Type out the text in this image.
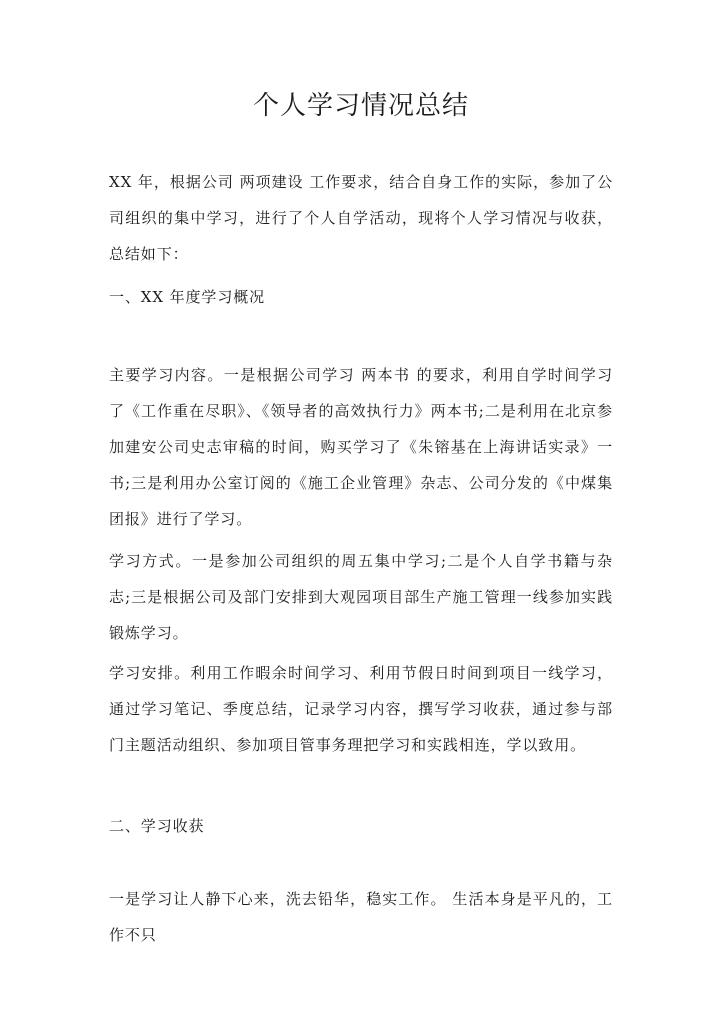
个人学习情况总结

XX 年，根据公司 两项建设 工作要求，结合自身工作的实际，参加了公司组织的集中学习，进行了个人自学活动，现将个人学习情况与收获，总结如下：

一、XX 年度学习概况

主要学习内容。一是根据公司学习 两本书 的要求，利用自学时间学习了《工作重在尽职》、《领导者的高效执行力》两本书;二是利用在北京参加建安公司史志审稿的时间，购买学习了《朱镕基在上海讲话实录》一书;三是利用办公室订阅的《施工企业管理》杂志、公司分发的《中煤集团报》进行了学习。

学习方式。一是参加公司组织的周五集中学习;二是个人自学书籍与杂志;三是根据公司及部门安排到大观园项目部生产施工管理一线参加实践锻炼学习。

学习安排。利用工作暇余时间学习、利用节假日时间到项目一线学习，通过学习笔记、季度总结，记录学习内容，撰写学习收获，通过参与部门主题活动组织、参加项目管事务理把学习和实践相连，学以致用。

二、学习收获

一是学习让人静下心来，洗去铅华，稳实工作。 生活本身是平凡的，工作不只
